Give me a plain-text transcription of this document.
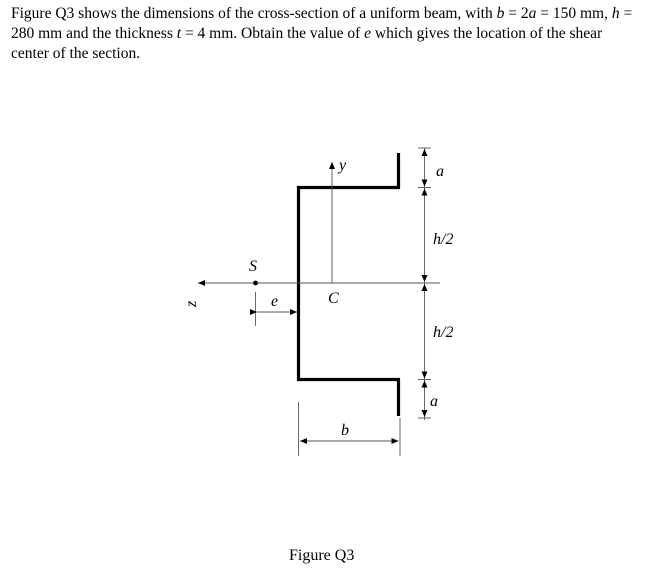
Figure Q3 shows the dimensions of the cross-section of a uniform beam, with b = 2a = 150 mm, h = 280 mm and the thickness t = 4 mm. Obtain the value of e which gives the location of the shear center of the section.

y
z
S
C
e
b
a
h/2
h/2
a
Figure Q3
